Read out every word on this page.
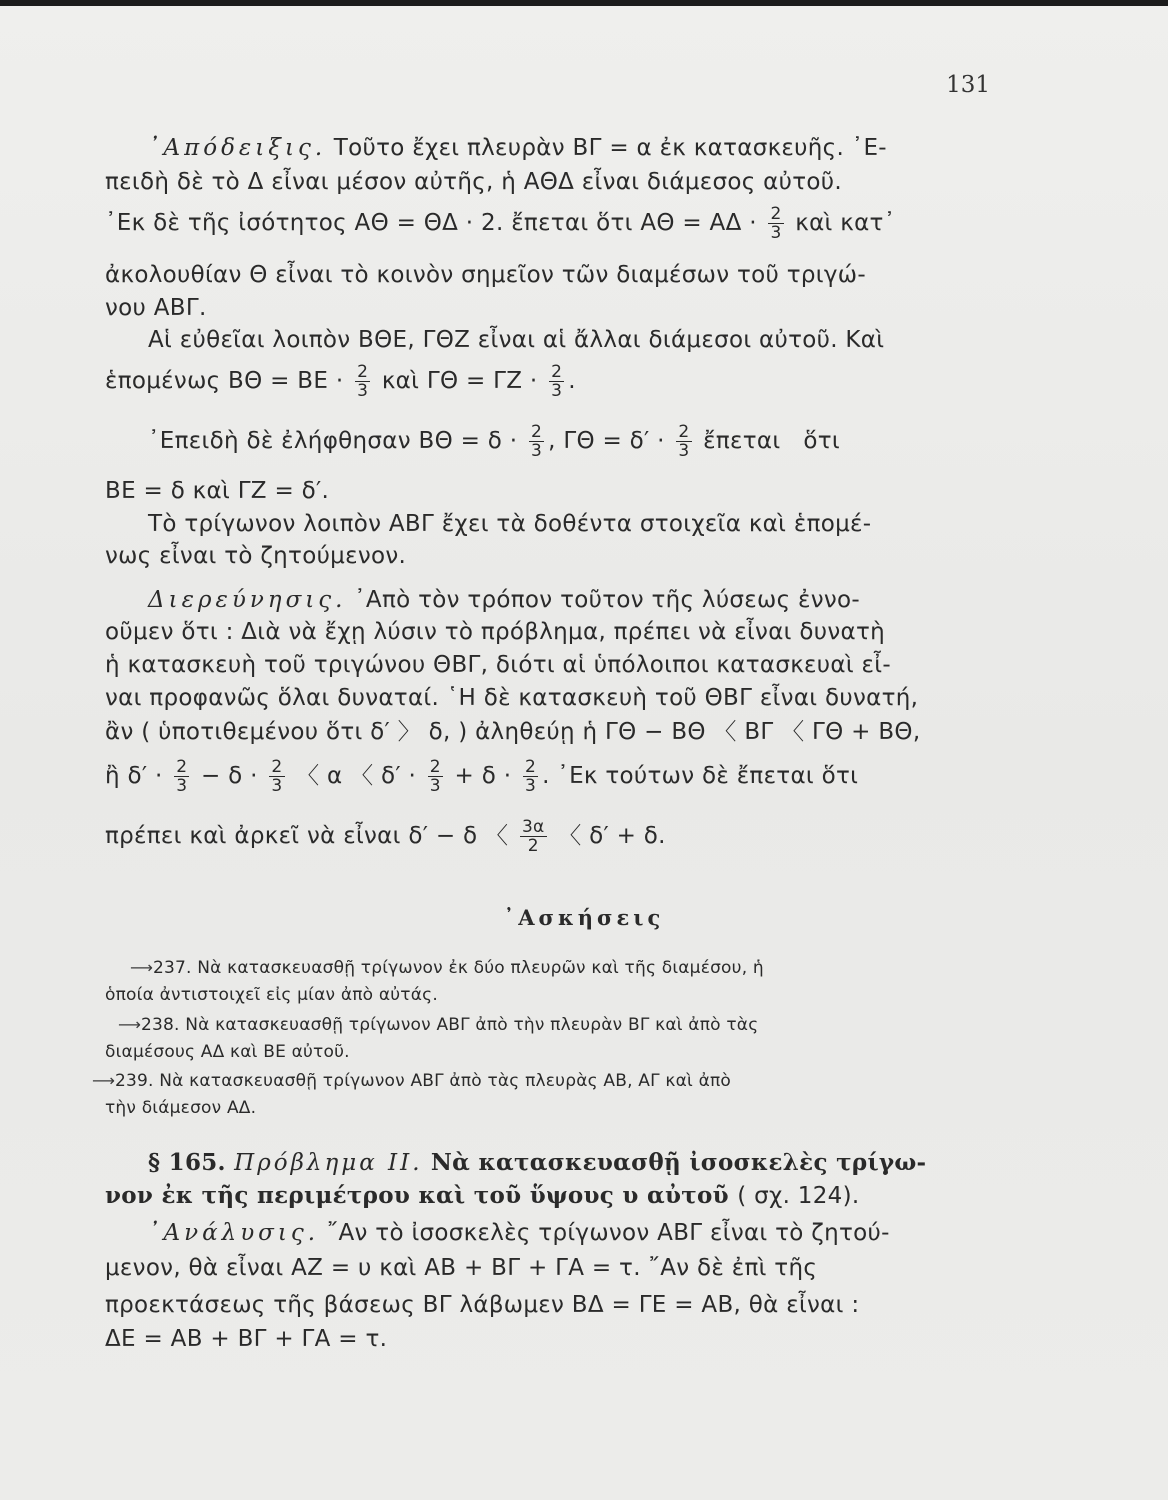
131
᾿Απόδειξις. Τοῦτο ἔχει πλευρὰν ΒΓ = α ἐκ κατασκευῆς. ᾿Ε-
πειδὴ δὲ τὸ Δ εἶναι μέσον αὐτῆς, ἡ ΑΘΔ εἶναι διάμεσος αὐτοῦ.
᾿Εκ δὲ τῆς ἰσότητος ΑΘ = ΘΔ · 2. ἔπεται ὅτι $A\Theta = A\Delta \cdot \frac{2}{3}$ καὶ κατ᾿
ἀκολουθίαν Θ εἶναι τὸ κοινὸν σημεῖον τῶν διαμέσων τοῦ τριγώ-
νου ΑΒΓ.
Αἱ εὐθεῖαι λοιπὸν ΒΘΕ, ΓΘΖ εἶναι αἱ ἄλλαι διάμεσοι αὐτοῦ. Καὶ
ἑπομένως $B\Theta = BE \cdot \frac{2}{3}$ καὶ $\Gamma\Theta = \Gamma Z \cdot \frac{2}{3}$ .
᾿Επειδὴ δὲ ἐλήφθησαν $B\Theta = \delta \cdot \frac{2}{3}$ , $\Gamma\Theta = \delta' \cdot \frac{2}{3}$ ἔπεται ὅτι
ΒΕ = δ καὶ ΓΖ = δ′.
Τὸ τρίγωνον λοιπὸν ΑΒΓ ἔχει τὰ δοθέντα στοιχεῖα καὶ ἑπομέ-
νως εἶναι τὸ ζητούμενον.
Διερεύνησις. ᾿Απὸ τὸν τρόπον τοῦτον τῆς λύσεως ἐννο-
οῦμεν ὅτι : Διὰ νὰ ἔχῃ λύσιν τὸ πρόβλημα, πρέπει νὰ εἶναι δυνατὴ
ἡ κατασκευὴ τοῦ τριγώνου ΘΒΓ, διότι αἱ ὑπόλοιποι κατασκευαὶ εἶ-
ναι προφανῶς ὅλαι δυναταί. ῾Η δὲ κατασκευὴ τοῦ ΘΒΓ εἶναι δυνατή,
ἂν ( ὑποτιθεμένου ὅτι δ′ 〉 δ, ) ἀληθεύῃ ἡ ΓΘ − ΒΘ 〈 ΒΓ 〈 ΓΘ + ΒΘ,
ἢ $\delta' \cdot \frac{2}{3} - \delta \cdot \frac{2}{3}$ 〈 α 〈 $\delta' \cdot \frac{2}{3} + \delta \cdot \frac{2}{3}$ . ᾿Εκ τούτων δὲ ἔπεται ὅτι
πρέπει καὶ ἀρκεῖ νὰ εἶναι δ′ − δ 〈 $\frac{3\alpha}{2}$ 〈 δ′ + δ.
᾿Ασκήσεις
⟶ 237. Νὰ κατασκευασθῇ τρίγωνον ἐκ δύο πλευρῶν καὶ τῆς διαμέσου, ἡ
ὁποία ἀντιστοιχεῖ εἰς μίαν ἀπὸ αὐτάς.
⟶ 238. Νὰ κατασκευασθῇ τρίγωνον ΑΒΓ ἀπὸ τὴν πλευρὰν ΒΓ καὶ ἀπὸ τὰς
διαμέσους ΑΔ καὶ ΒΕ αὐτοῦ.
⟶ 239. Νὰ κατασκευασθῇ τρίγωνον ΑΒΓ ἀπὸ τὰς πλευρὰς ΑΒ, ΑΓ καὶ ἀπὸ
τὴν διάμεσον ΑΔ.
§ 165. Πρόβλημα ΙΙ. Νὰ κατασκευασθῇ ἰσοσκελὲς τρίγω-
νον ἐκ τῆς περιμέτρου καὶ τοῦ ὕψους υ αὐτοῦ ( σχ. 124).
᾿Ανάλυσις. ῎Αν τὸ ἰσοσκελὲς τρίγωνον ΑΒΓ εἶναι τὸ ζητού-
μενον, θὰ εἶναι ΑΖ = υ καὶ ΑΒ + ΒΓ + ΓΑ = τ. ῎Αν δὲ ἐπὶ τῆς
προεκτάσεως τῆς βάσεως ΒΓ λάβωμεν ΒΔ = ΓΕ = ΑΒ, θὰ εἶναι :
ΔΕ = ΑΒ + ΒΓ + ΓΑ = τ.
